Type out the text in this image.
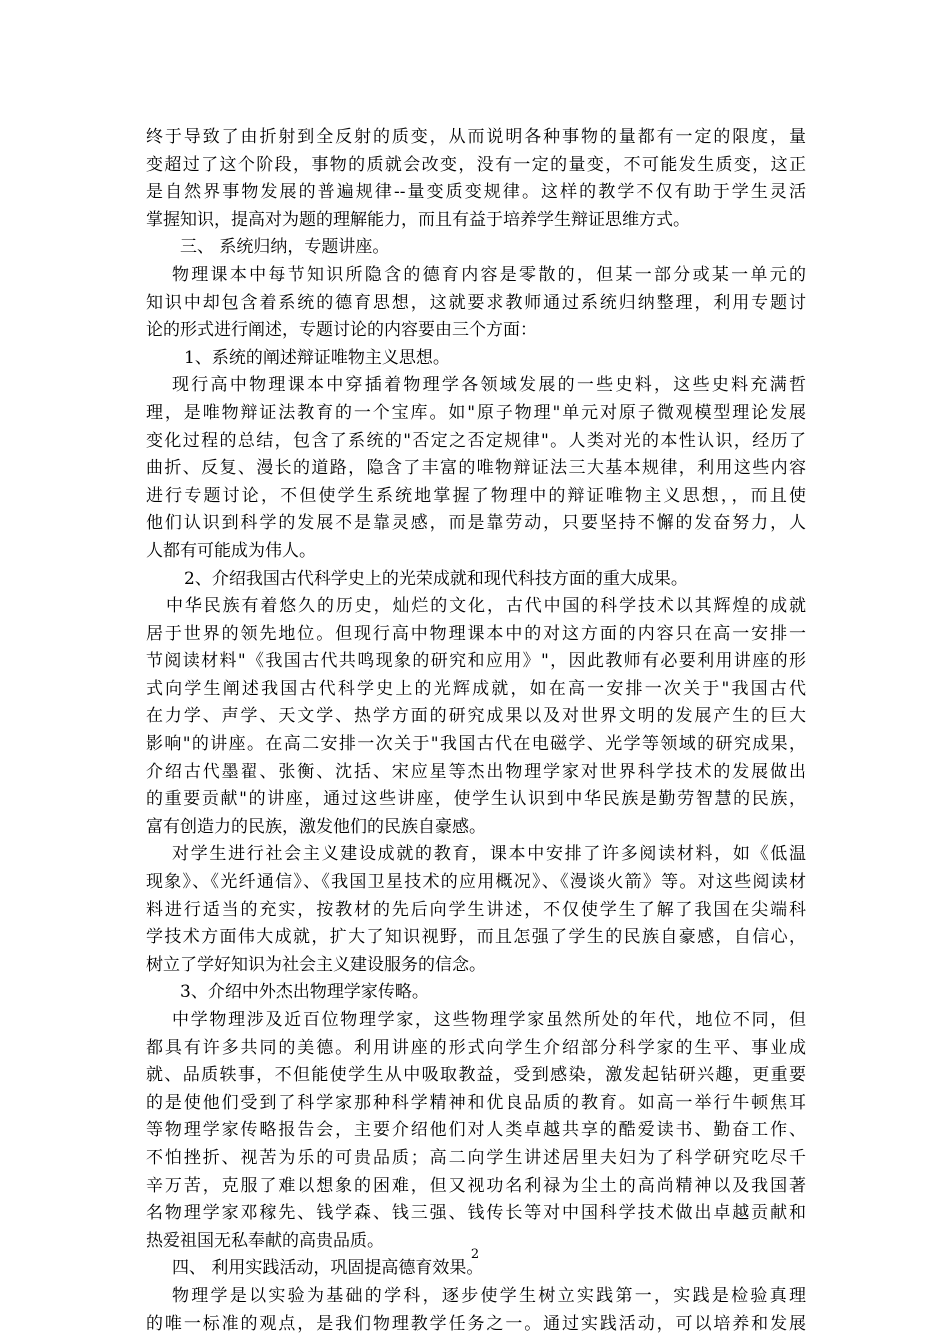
终于导致了由折射到全反射的质变，从而说明各种事物的量都有一定的限度，量
变超过了这个阶段，事物的质就会改变，没有一定的量变，不可能发生质变，这正
是自然界事物发展的普遍规律--量变质变规律。这样的教学不仅有助于学生灵活
掌握知识，提高对为题的理解能力，而且有益于培养学生辩证思维方式。
三、 系统归纳，专题讲座。
物理课本中每节知识所隐含的德育内容是零散的，但某一部分或某一单元的
知识中却包含着系统的德育思想，这就要求教师通过系统归纳整理，利用专题讨
论的形式进行阐述，专题讨论的内容要由三个方面：
1、系统的阐述辩证唯物主义思想。
现行高中物理课本中穿插着物理学各领域发展的一些史料，这些史料充满哲
理，是唯物辩证法教育的一个宝库。如"原子物理"单元对原子微观模型理论发展
变化过程的总结，包含了系统的"否定之否定规律"。人类对光的本性认识，经历了
曲折、反复、漫长的道路，隐含了丰富的唯物辩证法三大基本规律，利用这些内容
进行专题讨论，不但使学生系统地掌握了物理中的辩证唯物主义思想，，而且使
他们认识到科学的发展不是靠灵感，而是靠劳动，只要坚持不懈的发奋努力，人
人都有可能成为伟人。
2、介绍我国古代科学史上的光荣成就和现代科技方面的重大成果。
中华民族有着悠久的历史，灿烂的文化，古代中国的科学技术以其辉煌的成就
居于世界的领先地位。但现行高中物理课本中的对这方面的内容只在高一安排一
节阅读材料"《我国古代共鸣现象的研究和应用》"，因此教师有必要利用讲座的形
式向学生阐述我国古代科学史上的光辉成就，如在高一安排一次关于"我国古代
在力学、声学、天文学、热学方面的研究成果以及对世界文明的发展产生的巨大
影响"的讲座。在高二安排一次关于"我国古代在电磁学、光学等领域的研究成果，
介绍古代墨翟、张衡、沈括、宋应星等杰出物理学家对世界科学技术的发展做出
的重要贡献"的讲座，通过这些讲座，使学生认识到中华民族是勤劳智慧的民族，
富有创造力的民族，激发他们的民族自豪感。
对学生进行社会主义建设成就的教育，课本中安排了许多阅读材料，如《低温
现象》、《光纤通信》、《我国卫星技术的应用概况》、《漫谈火箭》等。对这些阅读材
料进行适当的充实，按教材的先后向学生讲述，不仅使学生了解了我国在尖端科
学技术方面伟大成就，扩大了知识视野，而且怎强了学生的民族自豪感，自信心，
树立了学好知识为社会主义建设服务的信念。
3、介绍中外杰出物理学家传略。
中学物理涉及近百位物理学家，这些物理学家虽然所处的年代，地位不同，但
都具有许多共同的美德。利用讲座的形式向学生介绍部分科学家的生平、事业成
就、品质轶事，不但能使学生从中吸取教益，受到感染，激发起钻研兴趣，更重要
的是使他们受到了科学家那种科学精神和优良品质的教育。如高一举行牛顿焦耳
等物理学家传略报告会，主要介绍他们对人类卓越共享的酷爱读书、勤奋工作、
不怕挫折、视苦为乐的可贵品质；高二向学生讲述居里夫妇为了科学研究吃尽千
辛万苦，克服了难以想象的困难，但又视功名利禄为尘土的高尚精神以及我国著
名物理学家邓稼先、钱学森、钱三强、钱传长等对中国科学技术做出卓越贡献和
热爱祖国无私奉献的高贵品质。
四、 利用实践活动，巩固提高德育效果。
物理学是以实验为基础的学科，逐步使学生树立实践第一，实践是检验真理
的唯一标准的观点，是我们物理教学任务之一。通过实践活动，可以培养和发展
2
